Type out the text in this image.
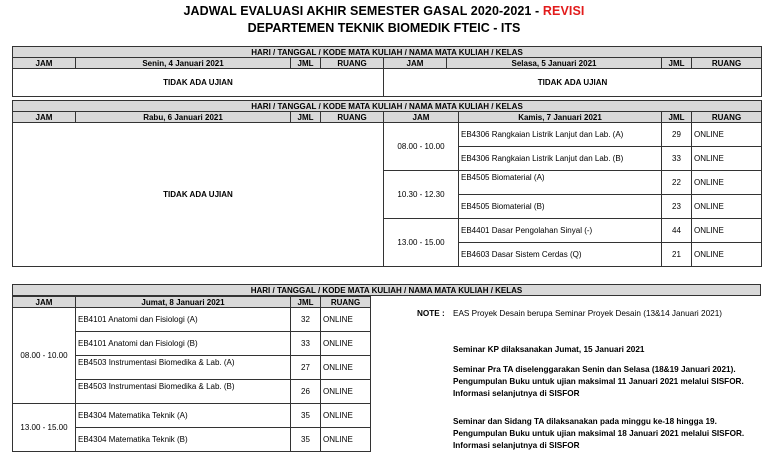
JADWAL EVALUASI AKHIR SEMESTER GASAL 2020-2021 - REVISI
DEPARTEMEN TEKNIK BIOMEDIK FTEIC - ITS
HARI / TANGGAL / KODE MATA KULIAH / NAMA MATA KULIAH / KELAS							
JAM	Senin, 4 Januari 2021	JML	RUANG	JAM	Selasa, 5 Januari 2021	JML	RUANG
TIDAK ADA UJIAN				TIDAK ADA UJIAN			
HARI / TANGGAL / KODE MATA KULIAH / NAMA MATA KULIAH / KELAS							
JAM	Rabu, 6 Januari 2021	JML	RUANG	JAM	Kamis, 7 Januari 2021	JML	RUANG
TIDAK ADA UJIAN				08.00 - 10.00	EB4306 Rangkaian Listrik Lanjut dan Lab. (A)	29	ONLINE
					EB4306 Rangkaian Listrik Lanjut dan Lab. (B)	33	ONLINE
				10.30 - 12.30	EB4505 Biomaterial (A)	22	ONLINE
					EB4505 Biomaterial (B)	23	ONLINE
				13.00 - 15.00	EB4401 Dasar Pengolahan Sinyal (-)	44	ONLINE
					EB4603 Dasar Sistem Cerdas (Q)	21	ONLINE
HARI / TANGGAL / KODE MATA KULIAH / NAMA MATA KULIAH / KELAS
JAM	Jumat, 8 Januari 2021	JML	RUANG
08.00 - 10.00	EB4101 Anatomi dan Fisiologi (A)	32	ONLINE
	EB4101 Anatomi dan Fisiologi (B)	33	ONLINE
	EB4503 Instrumentasi Biomedika & Lab. (A)	27	ONLINE
	EB4503 Instrumentasi Biomedika & Lab. (B)	26	ONLINE
13.00 - 15.00	EB4304 Matematika Teknik (A)	35	ONLINE
	EB4304 Matematika Teknik (B)	35	ONLINE
NOTE : EAS Proyek Desain berupa Seminar Proyek Desain (13&14 Januari 2021)
Seminar KP dilaksanakan Jumat, 15 Januari 2021
Seminar Pra TA diselenggarakan Senin dan Selasa (18&19 Januari 2021). Pengumpulan Buku untuk ujian maksimal 11 Januari 2021 melalui SISFOR. Informasi selanjutnya di SISFOR
Seminar dan Sidang TA dilaksanakan pada minggu ke-18 hingga 19. Pengumpulan Buku untuk ujian maksimal 18 Januari 2021 melalui SISFOR. Informasi selanjutnya di SISFOR
